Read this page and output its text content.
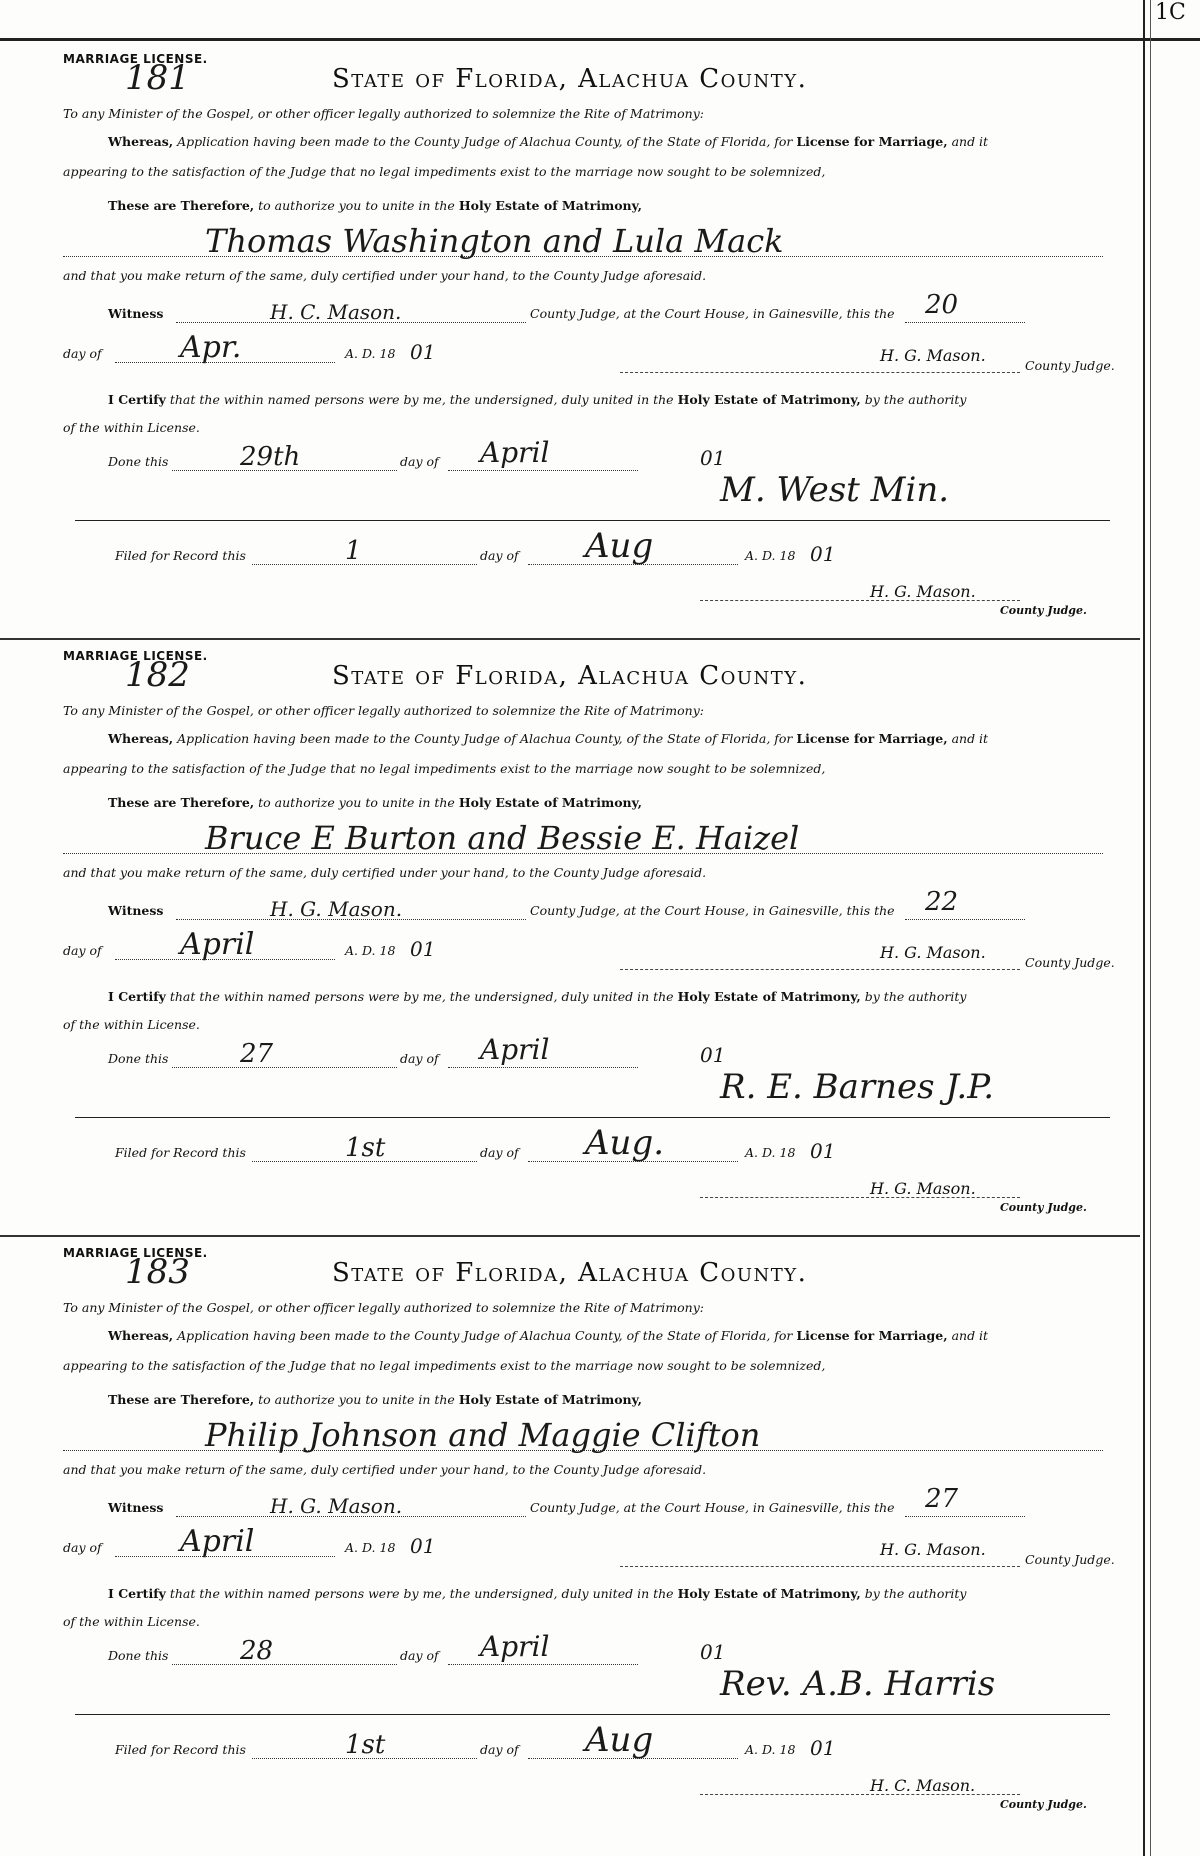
1C
MARRIAGE LICENSE.
181	State of Florida, Alachua County.
To any Minister of the Gospel, or other officer legally authorized to solemnize the Rite of Matrimony:
Whereas, Application having been made to the County Judge of Alachua County, of the State of Florida, for License for Marriage, and it
appearing to the satisfaction of the Judge that no legal impediments exist to the marriage now sought to be solemnized,
These are Therefore, to authorize you to unite in the Holy Estate of Matrimony,
Thomas Washington and Lula Mack
and that you make return of the same, duly certified under your hand, to the County Judge aforesaid.
Witness	H. C. Mason.	County Judge, at the Court House, in Gainesville, this the 20
day of	Apr.	A. D. 18 01	H. G. Mason.
County Judge.
I Certify that the within named persons were by me, the undersigned, duly united in the Holy Estate of Matrimony, by the authority
of the within License.
Done this	29th	day of April	01
M. West Min.
Filed for Record this	1	day of Aug	A. D. 18 01
H. G. Mason.
County Judge.
MARRIAGE LICENSE.
182	State of Florida, Alachua County.
To any Minister of the Gospel, or other officer legally authorized to solemnize the Rite of Matrimony:
Whereas, Application having been made to the County Judge of Alachua County, of the State of Florida, for License for Marriage, and it
appearing to the satisfaction of the Judge that no legal impediments exist to the marriage now sought to be solemnized,
These are Therefore, to authorize you to unite in the Holy Estate of Matrimony,
Bruce E Burton and Bessie E. Haizel
and that you make return of the same, duly certified under your hand, to the County Judge aforesaid.
Witness	H. G. Mason.	County Judge, at the Court House, in Gainesville, this the 22
day of	April	A. D. 18 01	H. G. Mason.
County Judge.
I Certify that the within named persons were by me, the undersigned, duly united in the Holy Estate of Matrimony, by the authority
of the within License.
Done this	27	day of April	01
R. E. Barnes J.P.
Filed for Record this	1st	day of Aug.	A. D. 18 01
H. G. Mason.
County Judge.
MARRIAGE LICENSE.
183	State of Florida, Alachua County.
To any Minister of the Gospel, or other officer legally authorized to solemnize the Rite of Matrimony:
Whereas, Application having been made to the County Judge of Alachua County, of the State of Florida, for License for Marriage, and it
appearing to the satisfaction of the Judge that no legal impediments exist to the marriage now sought to be solemnized,
These are Therefore, to authorize you to unite in the Holy Estate of Matrimony,
Philip Johnson and Maggie Clifton
and that you make return of the same, duly certified under your hand, to the County Judge aforesaid.
Witness	H. G. Mason.	County Judge, at the Court House, in Gainesville, this the 27
day of	April	A. D. 18 01	H. G. Mason.
County Judge.
I Certify that the within named persons were by me, the undersigned, duly united in the Holy Estate of Matrimony, by the authority
of the within License.
Done this	28	day of April	01
Rev. A.B. Harris
Filed for Record this	1st	day of Aug	A. D. 18 01
H. C. Mason.
County Judge.
